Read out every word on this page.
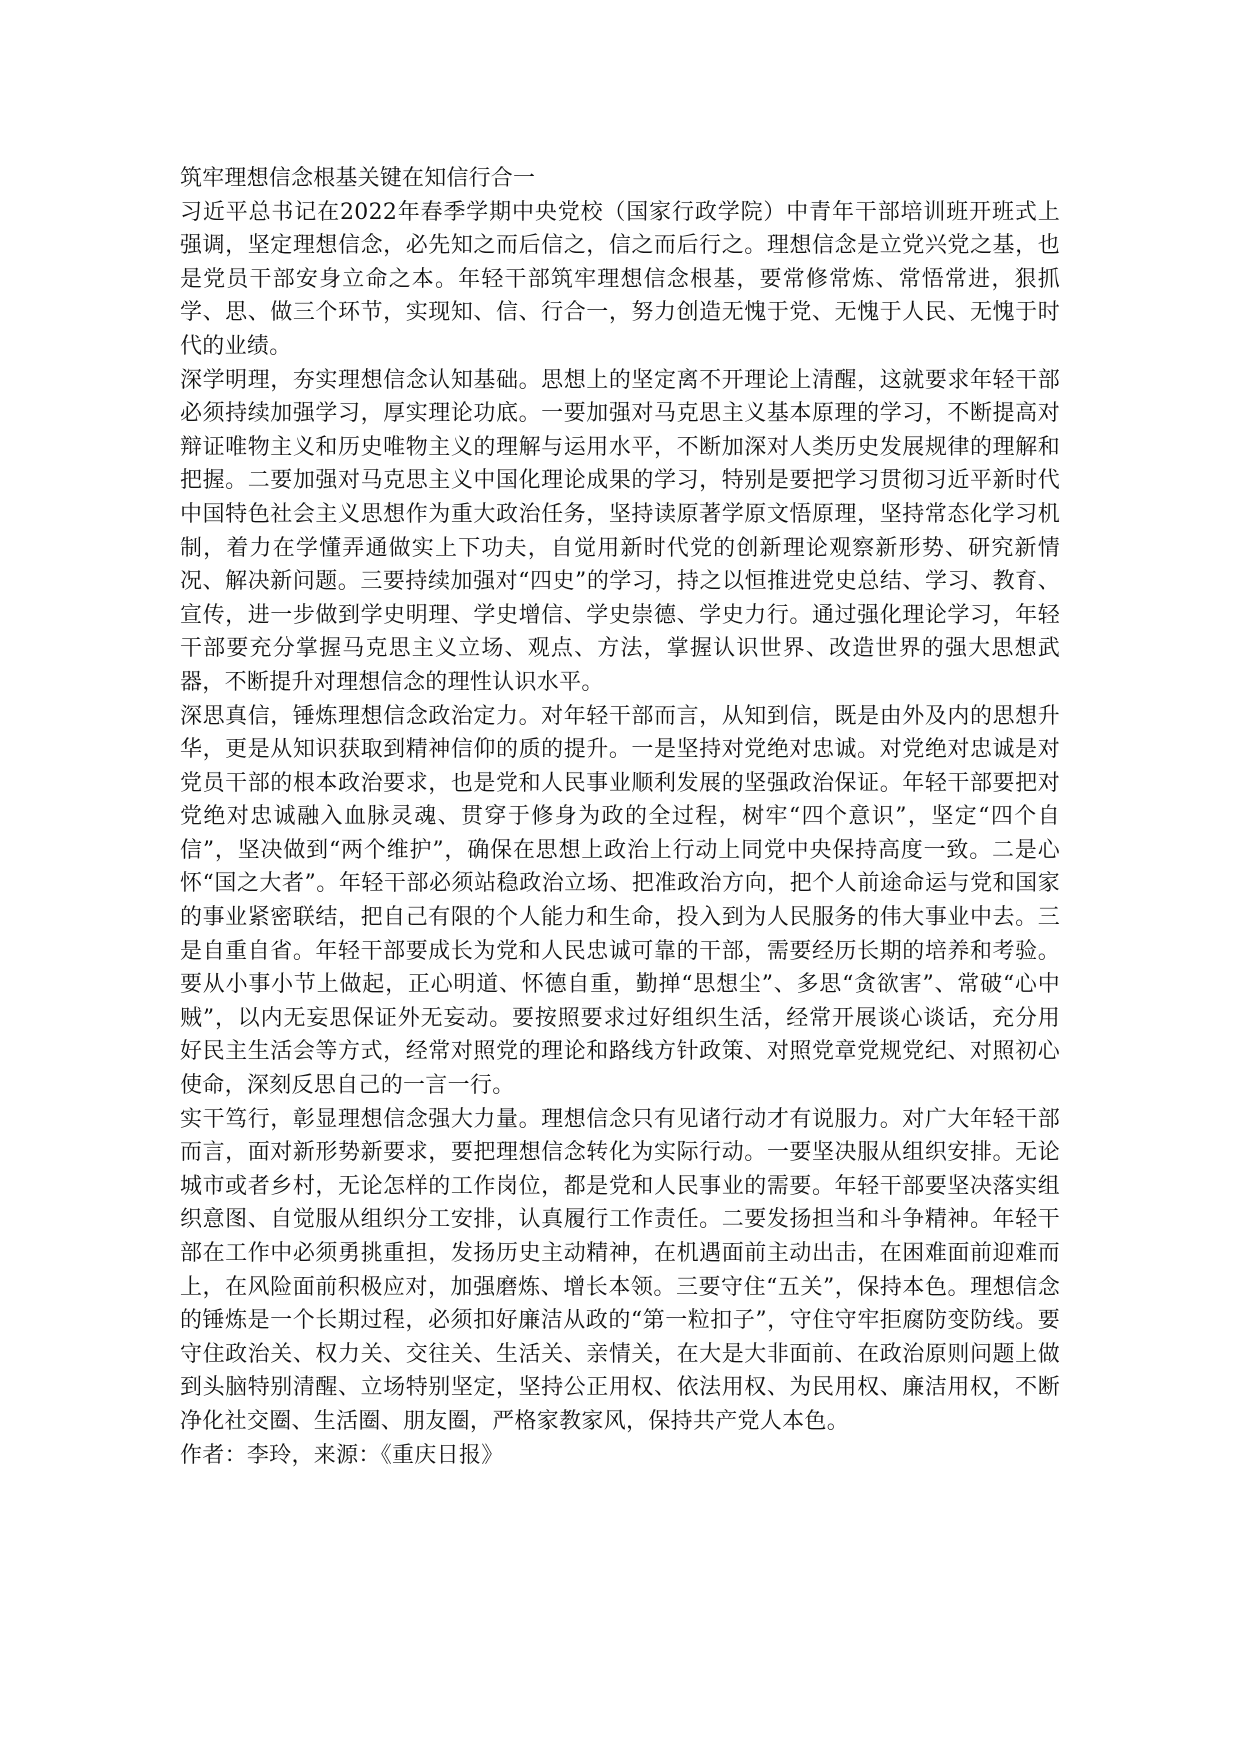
筑牢理想信念根基关键在知信行合一

习近平总书记在2022年春季学期中央党校（国家行政学院）中青年干部培训班开班式上强调，坚定理想信念，必先知之而后信之，信之而后行之。理想信念是立党兴党之基，也是党员干部安身立命之本。年轻干部筑牢理想信念根基，要常修常炼、常悟常进，狠抓学、思、做三个环节，实现知、信、行合一，努力创造无愧于党、无愧于人民、无愧于时代的业绩。

深学明理，夯实理想信念认知基础。思想上的坚定离不开理论上清醒，这就要求年轻干部必须持续加强学习，厚实理论功底。一要加强对马克思主义基本原理的学习，不断提高对辩证唯物主义和历史唯物主义的理解与运用水平，不断加深对人类历史发展规律的理解和把握。二要加强对马克思主义中国化理论成果的学习，特别是要把学习贯彻习近平新时代中国特色社会主义思想作为重大政治任务，坚持读原著学原文悟原理，坚持常态化学习机制，着力在学懂弄通做实上下功夫，自觉用新时代党的创新理论观察新形势、研究新情况、解决新问题。三要持续加强对“四史”的学习，持之以恒推进党史总结、学习、教育、宣传，进一步做到学史明理、学史增信、学史崇德、学史力行。通过强化理论学习，年轻干部要充分掌握马克思主义立场、观点、方法，掌握认识世界、改造世界的强大思想武器，不断提升对理想信念的理性认识水平。

深思真信，锤炼理想信念政治定力。对年轻干部而言，从知到信，既是由外及内的思想升华，更是从知识获取到精神信仰的质的提升。一是坚持对党绝对忠诚。对党绝对忠诚是对党员干部的根本政治要求，也是党和人民事业顺利发展的坚强政治保证。年轻干部要把对党绝对忠诚融入血脉灵魂、贯穿于修身为政的全过程，树牢“四个意识”，坚定“四个自信”，坚决做到“两个维护”，确保在思想上政治上行动上同党中央保持高度一致。二是心怀“国之大者”。年轻干部必须站稳政治立场、把准政治方向，把个人前途命运与党和国家的事业紧密联结，把自己有限的个人能力和生命，投入到为人民服务的伟大事业中去。三是自重自省。年轻干部要成长为党和人民忠诚可靠的干部，需要经历长期的培养和考验。要从小事小节上做起，正心明道、怀德自重，勤掸“思想尘”、多思“贪欲害”、常破“心中贼”，以内无妄思保证外无妄动。要按照要求过好组织生活，经常开展谈心谈话，充分用好民主生活会等方式，经常对照党的理论和路线方针政策、对照党章党规党纪、对照初心使命，深刻反思自己的一言一行。

实干笃行，彰显理想信念强大力量。理想信念只有见诸行动才有说服力。对广大年轻干部而言，面对新形势新要求，要把理想信念转化为实际行动。一要坚决服从组织安排。无论城市或者乡村，无论怎样的工作岗位，都是党和人民事业的需要。年轻干部要坚决落实组织意图、自觉服从组织分工安排，认真履行工作责任。二要发扬担当和斗争精神。年轻干部在工作中必须勇挑重担，发扬历史主动精神，在机遇面前主动出击，在困难面前迎难而上，在风险面前积极应对，加强磨炼、增长本领。三要守住“五关”，保持本色。理想信念的锤炼是一个长期过程，必须扣好廉洁从政的“第一粒扣子”，守住守牢拒腐防变防线。要守住政治关、权力关、交往关、生活关、亲情关，在大是大非面前、在政治原则问题上做到头脑特别清醒、立场特别坚定，坚持公正用权、依法用权、为民用权、廉洁用权，不断净化社交圈、生活圈、朋友圈，严格家教家风，保持共产党人本色。

作者：李玲，来源：《重庆日报》
